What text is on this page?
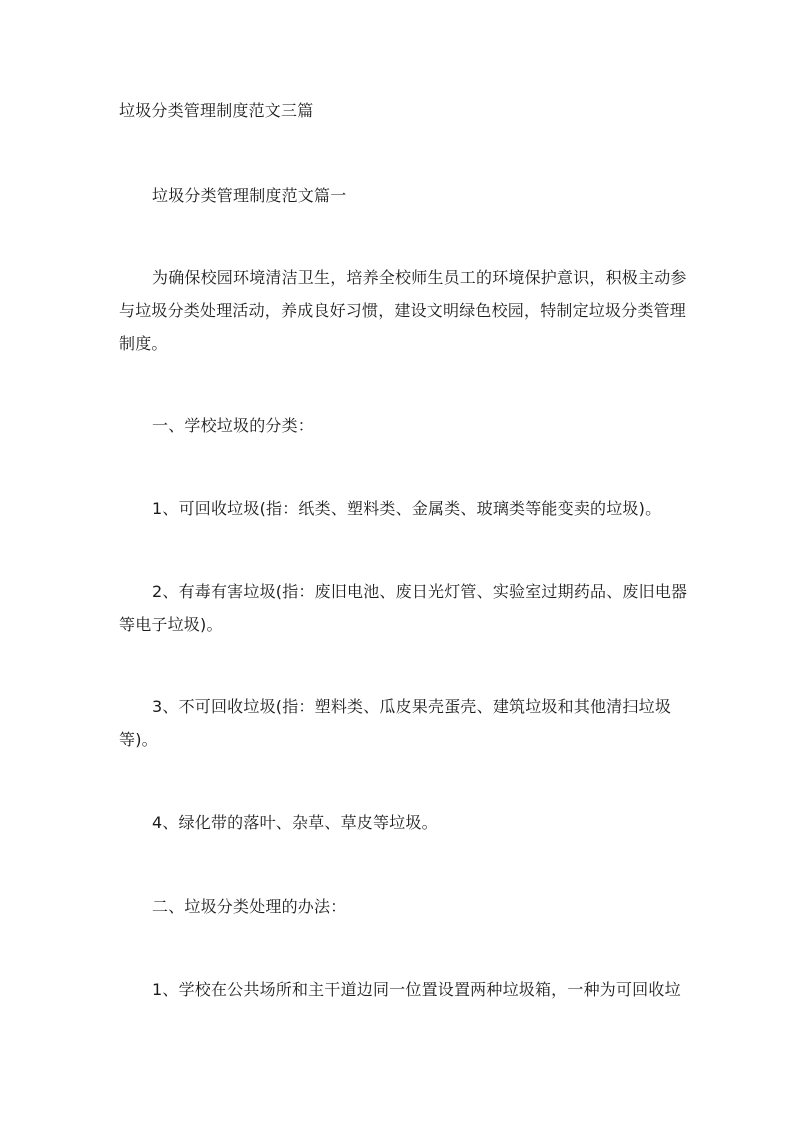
垃圾分类管理制度范文三篇
垃圾分类管理制度范文篇一
为确保校园环境清洁卫生，培养全校师生员工的环境保护意识，积极主动参
与垃圾分类处理活动，养成良好习惯，建设文明绿色校园，特制定垃圾分类管理
制度。
一、学校垃圾的分类：
1、可回收垃圾(指：纸类、塑料类、金属类、玻璃类等能变卖的垃圾)。
2、有毒有害垃圾(指：废旧电池、废日光灯管、实验室过期药品、废旧电器
等电子垃圾)。
3、不可回收垃圾(指：塑料类、瓜皮果壳蛋壳、建筑垃圾和其他清扫垃圾
等)。
4、绿化带的落叶、杂草、草皮等垃圾。
二、垃圾分类处理的办法：
1、学校在公共场所和主干道边同一位置设置两种垃圾箱，一种为可回收垃
